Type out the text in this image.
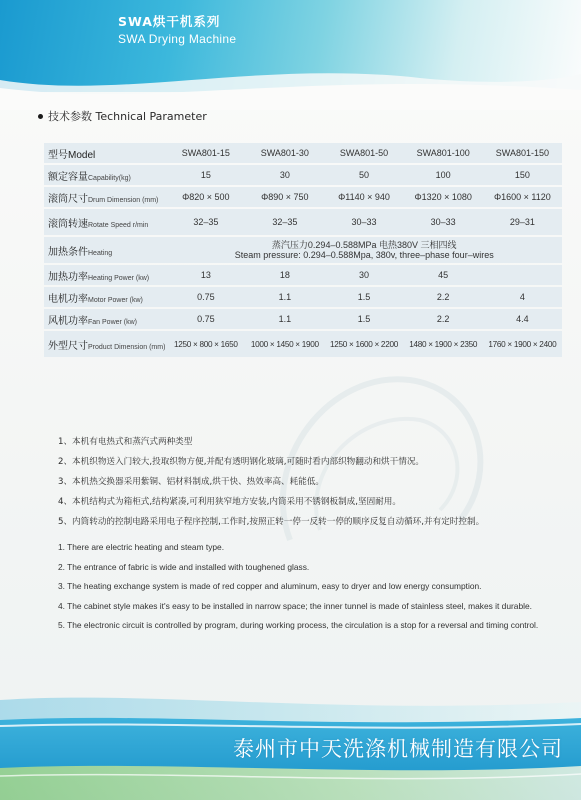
SWA烘干机系列
SWA Drying Machine
技术参数 Technical Parameter
型号Model	SWA801-15	SWA801-30	SWA801-50	SWA801-100	SWA801-150
额定容量Capability(kg)	15	30	50	100	150
滚筒尺寸Drum Dimension (mm)	Φ820 × 500	Φ890 × 750	Φ1140 × 940	Φ1320 × 1080	Φ1600 × 1120
滚筒转速Rotate Speed r/min	32–35	32–35	30–33	30–33	29–31
加热条件Heating	蒸汽压力0.294–0.588MPa 电热380V 三相四线
Steam pressure: 0.294–0.588Mpa, 380v, three–phase four–wires				

加热功率Heating Power (kw)	13	18	30	45	
电机功率Motor Power (kw)	0.75	1.1	1.5	2.2	4
风机功率Fan Power (kw)	0.75	1.1	1.5	2.2	4.4
外型尺寸Product Dimension (mm)	1250 × 800 × 1650	1000 × 1450 × 1900	1250 × 1600 × 2200	1480 × 1900 × 2350	1760 × 1900 × 2400
1、本机有电热式和蒸汽式两种类型
2、本机织物送入门较大,投取织物方便,并配有透明钢化玻璃,可随时看内部织物翻动和烘干情况。
3、本机热交换器采用紫铜、铝材料制成,烘干快、热效率高、耗能低。
4、本机结构式为箱柜式,结构紧凑,可利用狭窄地方安装,内筒采用不锈钢板制成,坚固耐用。
5、内筒转动的控制电路采用电子程序控制,工作时,按照正转一停一反转一停的顺序反复自动循环,并有定时控制。
1. There are electric heating and steam type.
2. The entrance of fabric is wide and installed with toughened glass.
3. The heating exchange system is made of red copper and aluminum, easy to dryer and low energy consumption.
4. The cabinet style makes it's easy to be installed in narrow space; the inner tunnel is made of stainless steel, makes it durable.
5. The electronic circuit is controlled by program, during working process, the circulation is a stop for a reversal and timing control.
泰州市中天洗涤机械制造有限公司
